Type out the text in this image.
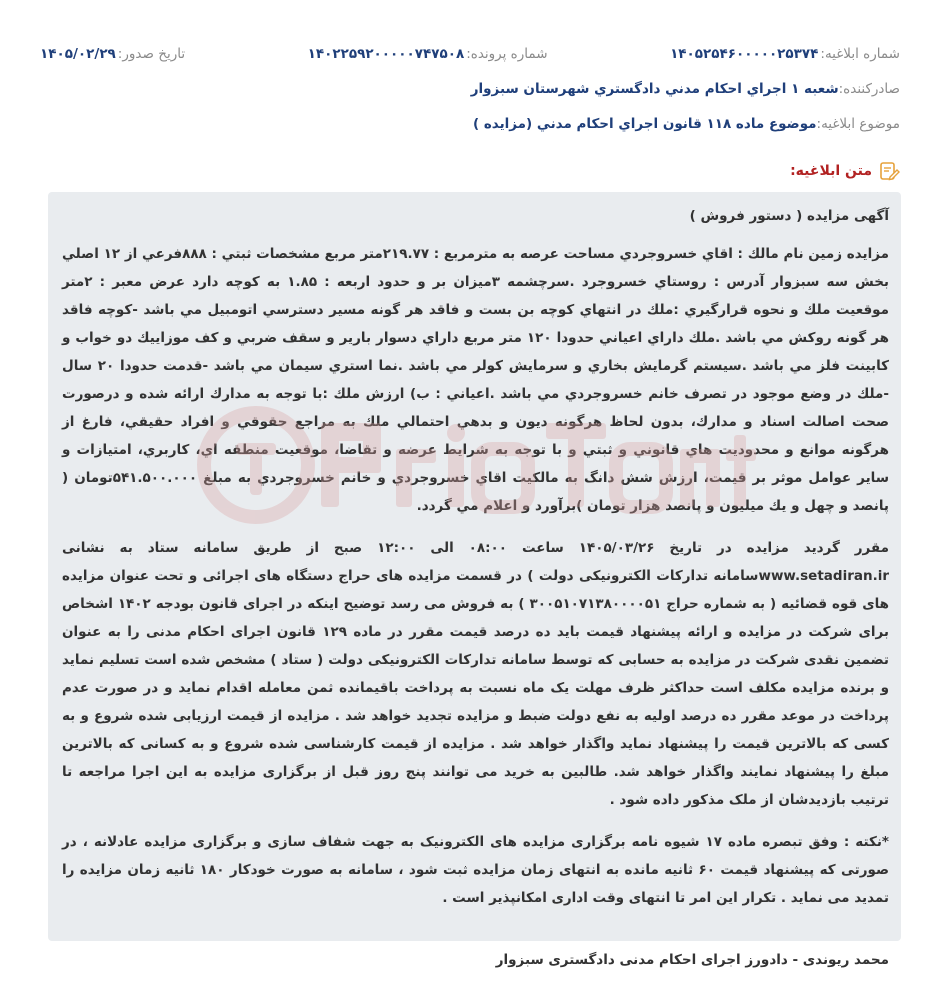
شماره ابلاغیه:
۱۴۰۵۲۵۴۶۰۰۰۰۰۲۵۳۷۴
شماره پرونده:
۱۴۰۲۲۵۹۲۰۰۰۰۰۷۴۷۵۰۸
تاریخ صدور:
۱۴۰۵/۰۲/۲۹
صادرکننده:
شعبه ۱ اجراي احکام مدني دادگستري شهرستان سبزوار
موضوع ابلاغیه:
موضوع ماده ۱۱۸ قانون اجراي احکام مدني (مزايده )
متن ابلاغیه:
آگهی مزایده ( دستور فروش )

مزايده زمين نام مالك : اقاي خسروجردي مساحت عرصه به مترمربع : ۲۱۹.۷۷متر مربع مشخصات ثبتي : ۸۸۸فرعي از ۱۲ اصلي بخش سه سبزوار آدرس : روستاي خسروجرد .سرچشمه ۳ميزان بر و حدود اربعه : ۱.۸۵ به کوچه دارد عرض معبر : ۲متر موقعيت ملك و نحوه قرارگيري :ملك در انتهاي کوچه بن بست و فاقد هر گونه مسير دسترسي اتومبيل مي باشد -کوچه فاقد هر گونه روکش مي باشد .ملك داراي اعياني حدودا ۱۲۰ متر مربع داراي دسوار بارير و سقف ضربي و کف موزاييك دو خواب و کابينت فلز مي باشد .سيستم گرمايش بخاري و سرمايش کولر مي باشد .نما استري سيمان مي باشد -قدمت حدودا ۲۰ سال -ملك در وضع موجود در تصرف خانم خسروجردي مي باشد .اعياني : ب) ارزش ملك :با توجه به مدارك ارائه شده و درصورت صحت اصالت اسناد و مدارك، بدون لحاظ هرگونه ديون و بدهي احتمالي ملك به مراجع حقوقي و افراد حقيقي، فارغ از هرگونه موانع و محدوديت هاي قانوني و ثبتي و با توجه به شرايط عرضه و تقاضا، موقعيت منطقه اي، کاربري، امتيازات و ساير عوامل موثر بر قيمت، ارزش شش دانگ به مالکيت اقاي خسروجردي و خانم خسروجردي به مبلغ ۵۴۱.۵۰۰.۰۰۰تومان ( پانصد و چهل و يك ميليون و پانصد هزار تومان )برآورد و اعلام مي گردد.

مقرر گردید مزایده در تاریخ ۱۴۰۵/۰۳/۲۶ ساعت ۰۸:۰۰ الی ۱۲:۰۰ صبح از طریق سامانه ستاد به نشانی www.setadiran.irسامانه تدارکات الکترونیکی دولت ) در قسمت مزایده های حراج دستگاه های اجرائی و تحت عنوان مزایده های قوه قضائیه ( به شماره حراج ۳۰۰۵۱۰۷۱۳۸۰۰۰۰۵۱ ) به فروش می رسد توضیح اینکه در اجرای قانون بودجه ۱۴۰۲ اشخاص برای شرکت در مزایده و ارائه پیشنهاد قیمت باید ده درصد قیمت مقرر در ماده ۱۲۹ قانون اجرای احکام مدنی را به عنوان تضمین نقدی شرکت در مزایده به حسابی که توسط سامانه تدارکات الکترونیکی دولت ( ستاد ) مشخص شده است تسلیم نماید و برنده مزایده مکلف است حداکثر ظرف مهلت یک ماه نسبت به پرداخت باقیمانده ثمن معامله اقدام نماید و در صورت عدم پرداخت در موعد مقرر ده درصد اولیه به نفع دولت ضبط و مزایده تجدید خواهد شد . مزایده از قیمت ارزیابی شده شروع و به کسی که بالاترین قیمت را پیشنهاد نماید واگذار خواهد شد . مزایده از قیمت کارشناسی شده شروع و به کسانی که بالاترین مبلغ را پیشنهاد نمایند واگذار خواهد شد. طالبین به خرید می توانند پنج روز قبل از برگزاری مزایده به این اجرا مراجعه تا ترتیب بازدیدشان از ملک مذکور داده شود .

*نکته : وفق تبصره ماده ۱۷ شیوه نامه برگزاری مزایده های الکترونیک به جهت شفاف سازی و برگزاری مزایده عادلانه ، در صورتی که پیشنهاد قیمت ۶۰ ثانیه مانده به انتهای زمان مزایده ثبت شود ، سامانه به صورت خودکار ۱۸۰ ثانیه زمان مزایده را تمدید می نماید . تکرار این امر تا انتهای وقت اداری امکانپذیر است .

محمد ریوندی - دادورز اجرای احکام مدنی دادگستری سبزوار
